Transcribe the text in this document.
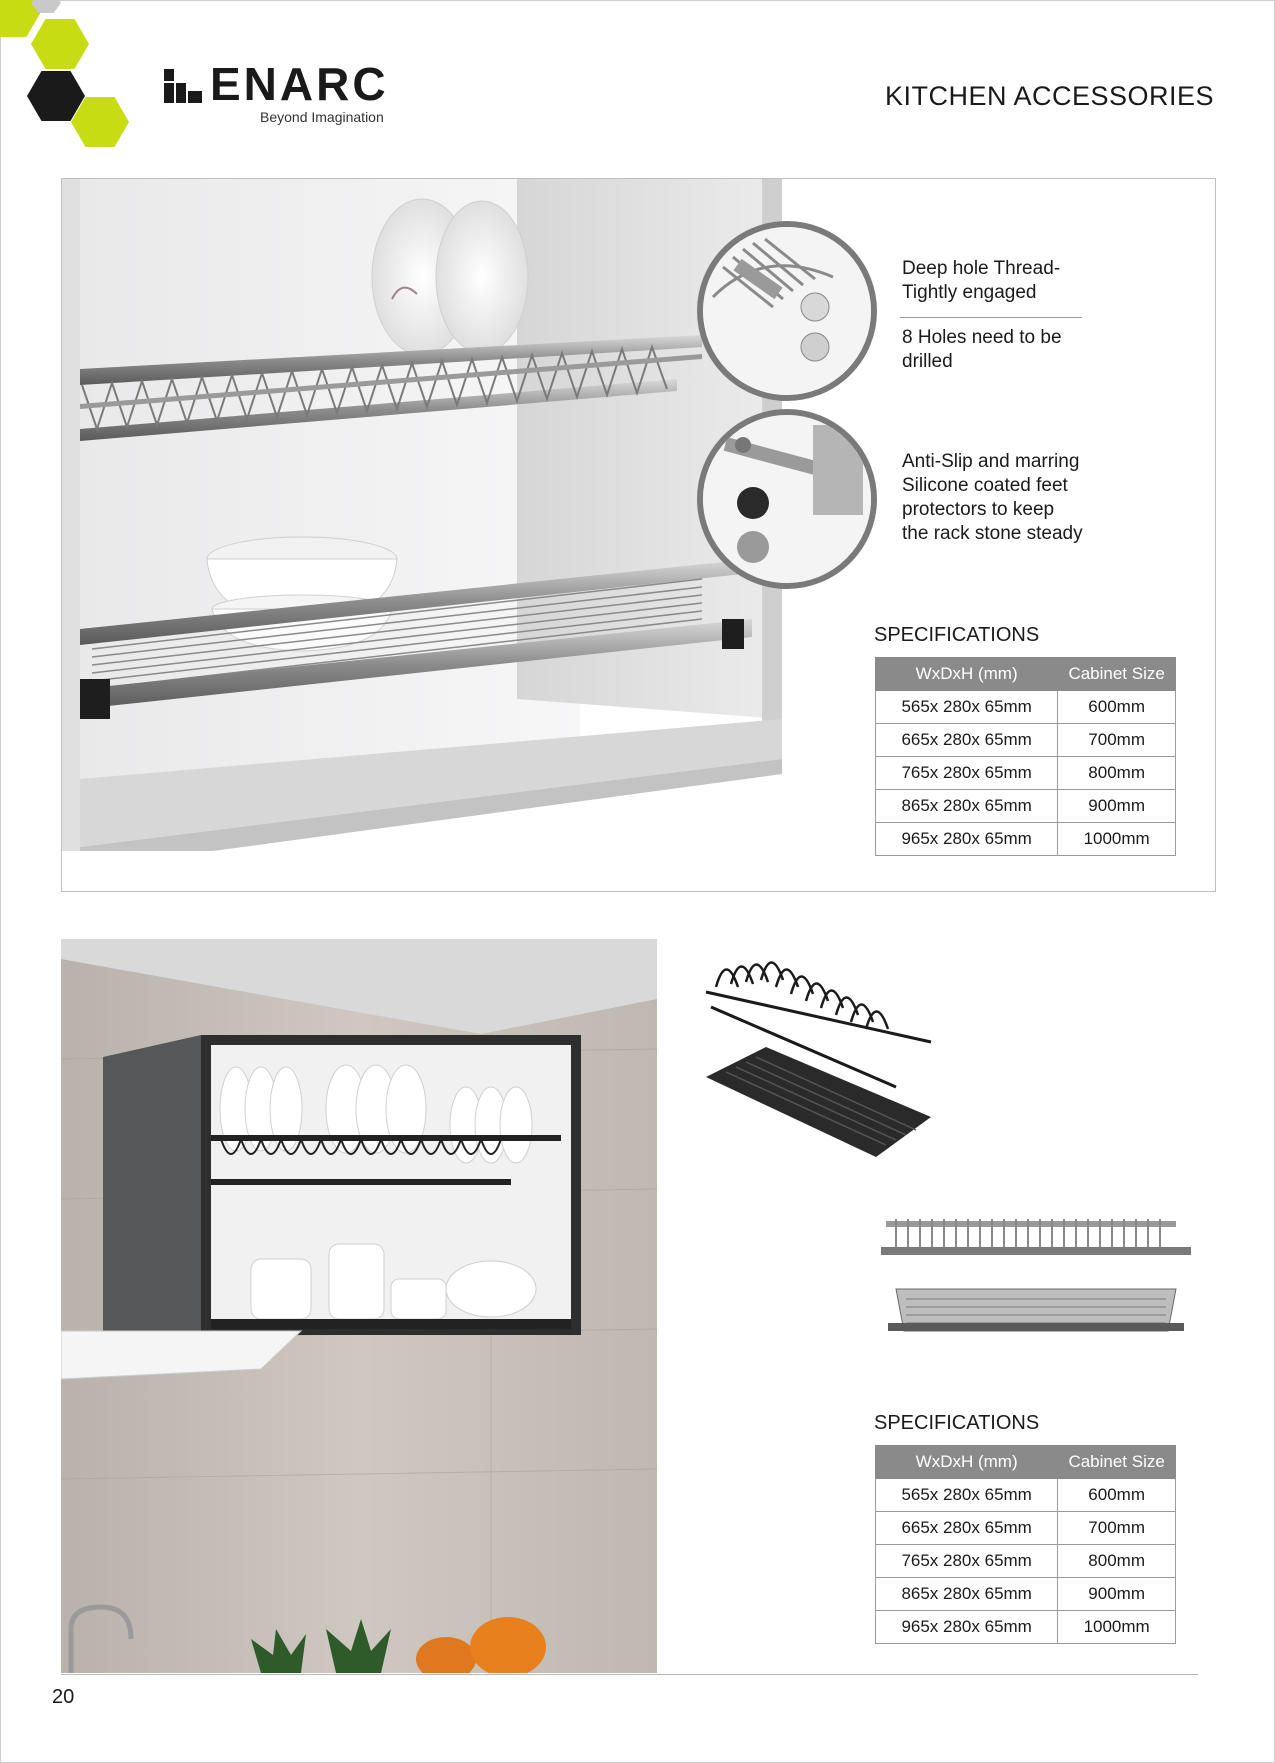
ENARC
Beyond Imagination
KITCHEN ACCESSORIES
Deep hole Thread-
Tightly engaged
8 Holes need to be
drilled
Anti-Slip and marring
Silicone coated feet
protectors to keep
the rack stone steady
SPECIFICATIONS
WxDxH (mm)	Cabinet Size
565x 280x 65mm	600mm
665x 280x 65mm	700mm
765x 280x 65mm	800mm
865x 280x 65mm	900mm
965x 280x 65mm	1000mm
SPECIFICATIONS
WxDxH (mm)	Cabinet Size
565x 280x 65mm	600mm
665x 280x 65mm	700mm
765x 280x 65mm	800mm
865x 280x 65mm	900mm
965x 280x 65mm	1000mm
20
